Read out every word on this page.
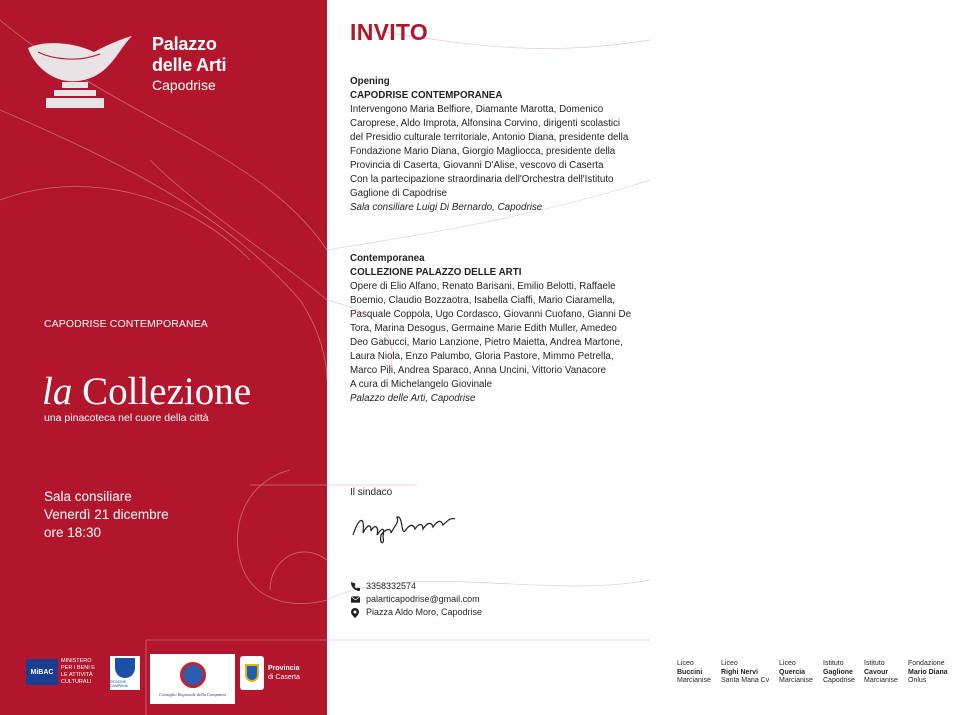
Palazzo
delle Arti
Capodrise
CAPODRISE CONTEMPORANEA
la Collezione
una pinacoteca nel cuore della città
Sala consiliare
Venerdì 21 dicembre
ore 18:30
MiBAC
MINISTERO PER I BENI E LE ATTIVITÀ CULTURALI	REGIONE CAMPANIA
Consiglio Regionale della Campania
Provincia
di Caserta
INVITO
Opening
CAPODRISE CONTEMPORANEA
Intervengono Maria Belfiore, Diamante Marotta, Domenico Caroprese, Aldo Improta, Alfonsina Corvino, dirigenti scolastici del Presidio culturale territoriale, Antonio Diana, presidente della Fondazione Mario Diana, Giorgio Magliocca, presidente della Provincia di Caserta, Giovanni D'Alise, vescovo di Caserta
Con la partecipazione straordinaria dell'Orchestra dell'Istituto Gaglione di Capodrise
Sala consiliare Luigi Di Bernardo, Capodrise
Contemporanea
COLLEZIONE PALAZZO DELLE ARTI
Opere di Elio Alfano, Renato Barisani, Emilio Belotti, Raffaele Boemio, Claudio Bozzaotra, Isabella Ciaffi, Mario Ciaramella, Pasquale Coppola, Ugo Cordasco, Giovanni Cuofano, Gianni De Tora, Marina Desogus, Germaine Marie Edith Muller, Amedeo Deo Gabucci, Mario Lanzione, Pietro Maietta, Andrea Martone, Laura Niola, Enzo Palumbo, Gloria Pastore, Mimmo Petrella, Marco Pili, Andrea Sparaco, Anna Uncini, Vittorio Vanacore
A cura di Michelangelo Giovinale
Palazzo delle Arti, Capodrise
Il sindaco
3358332574
palarticapodrise@gmail.com
Piazza Aldo Moro, Capodrise
Liceo
Buccini
Marcianise
Liceo
Righi Nervi
Santa Maria Cv
Liceo
Quercia
Marcianise
Istituto
Gaglione
Capodrise
Istituto
Cavour
Marcianise
Fondazione
Mario Diana
Onlus
